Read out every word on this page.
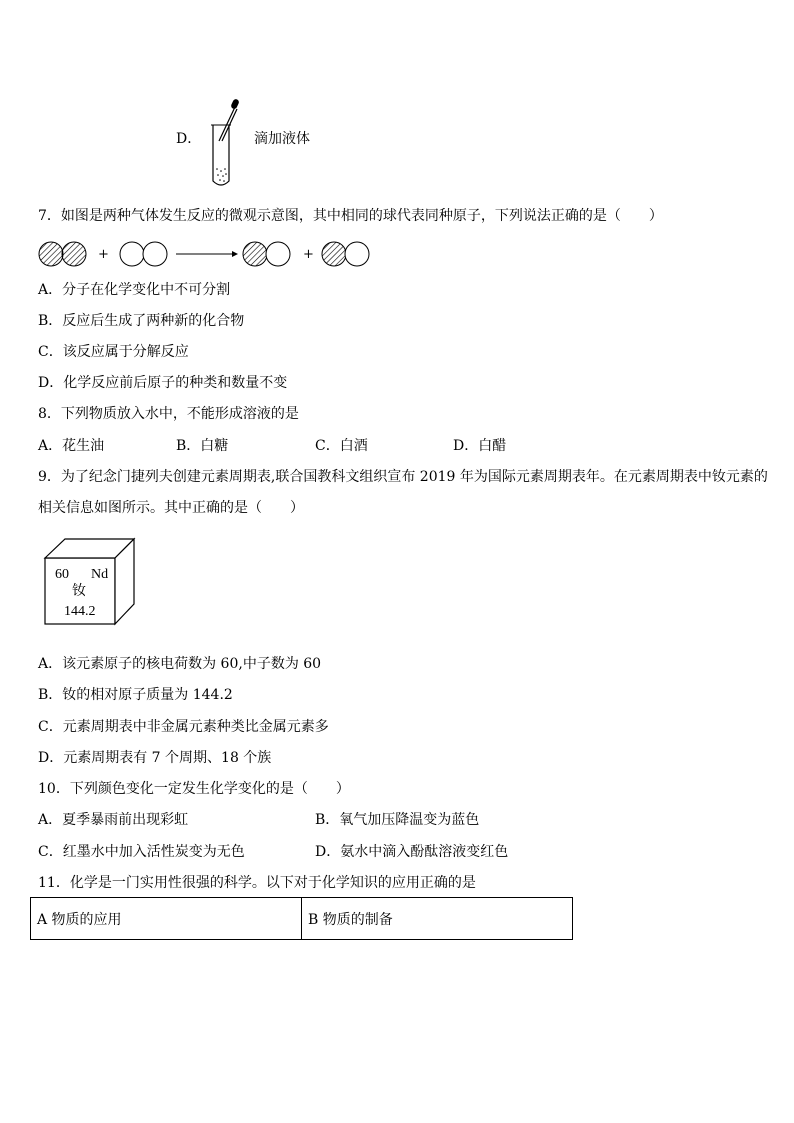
D．	滴加液体
7．如图是两种气体发生反应的微观示意图，其中相同的球代表同种原子，下列说法正确的是（　　）
+	+
A．分子在化学变化中不可分割
B．反应后生成了两种新的化合物
C．该反应属于分解反应
D．化学反应前后原子的种类和数量不变
8．下列物质放入水中，不能形成溶液的是
A．花生油	B．白糖	C．白酒	D．白醋
9．为了纪念门捷列夫创建元素周期表,联合国教科文组织宣布 2019 年为国际元素周期表年。在元素周期表中钕元素的
相关信息如图所示。其中正确的是（　　）
60 Nd
钕
144.2
A．该元素原子的核电荷数为 60,中子数为 60
B．钕的相对原子质量为 144.2
C．元素周期表中非金属元素种类比金属元素多
D．元素周期表有 7 个周期、18 个族
10．下列颜色变化一定发生化学变化的是（　　）
A．夏季暴雨前出现彩虹	B．氧气加压降温变为蓝色
C．红墨水中加入活性炭变为无色	D．氨水中滴入酚酞溶液变红色
11．化学是一门实用性很强的科学。以下对于化学知识的应用正确的是
A 物质的应用	B 物质的制备
